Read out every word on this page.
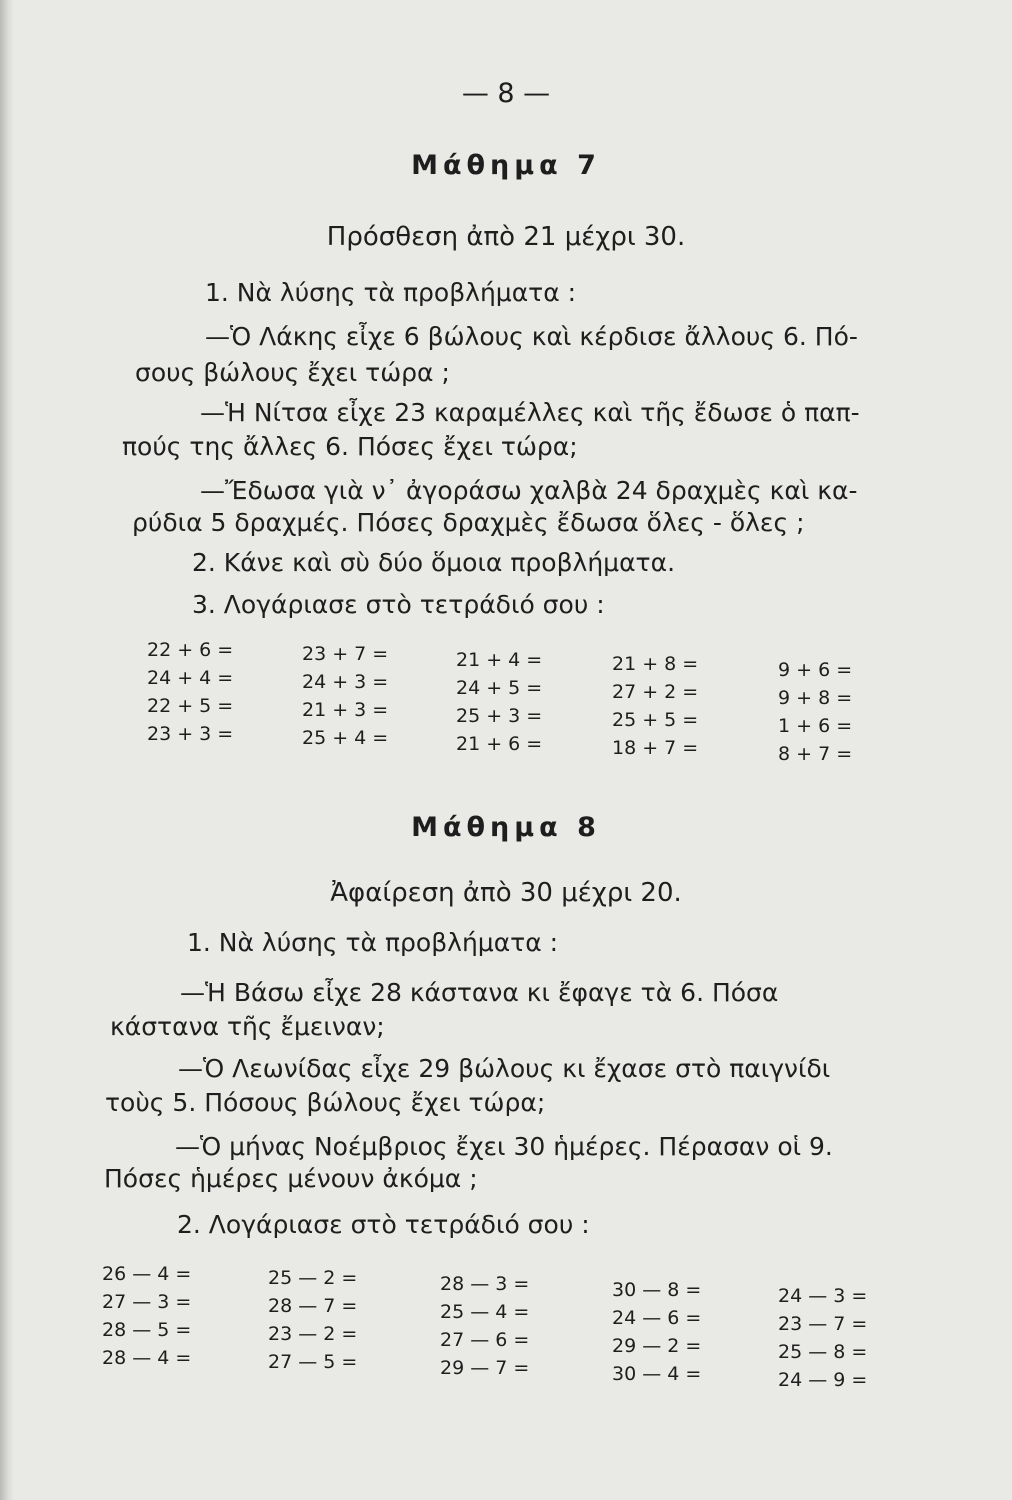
— 8 —
Μάθημα 7
Πρόσθεση ἀπὸ 21 μέχρι 30.
1. Νὰ λύσης τὰ προβλήματα :
—Ὁ Λάκης εἶχε 6 βώλους καὶ κέρδισε ἄλλους 6. Πό-
σους βώλους ἔχει τώρα ;
—Ἡ Νίτσα εἶχε 23 καραμέλλες καὶ τῆς ἔδωσε ὁ παπ-
πούς της ἄλλες 6. Πόσες ἔχει τώρα;
—Ἔδωσα γιὰ ν᾽ ἀγοράσω χαλβὰ 24 δραχμὲς καὶ κα-
ρύδια 5 δραχμές. Πόσες δραχμὲς ἔδωσα ὅλες - ὅλες ;
2. Κάνε καὶ σὺ δύο ὅμοια προβλήματα.
3. Λογάριασε στὸ τετράδιό σου :
22 + 6 =
24 + 4 =
22 + 5 =
23 + 3 =
23 + 7 =
24 + 3 =
21 + 3 =
25 + 4 =
21 + 4 =
24 + 5 =
25 + 3 =
21 + 6 =
21 + 8 =
27 + 2 =
25 + 5 =
18 + 7 =
9 + 6 =
9 + 8 =
1 + 6 =
8 + 7 =
Μάθημα 8
Ἀφαίρεση ἀπὸ 30 μέχρι 20.
1. Νὰ λύσης τὰ προβλήματα :
—Ἡ Βάσω εἶχε 28 κάστανα κι ἔφαγε τὰ 6. Πόσα
κάστανα τῆς ἔμειναν;
—Ὁ Λεωνίδας εἶχε 29 βώλους κι ἔχασε στὸ παιγνίδι
τοὺς 5. Πόσους βώλους ἔχει τώρα;
—Ὁ μήνας Νοέμβριος ἔχει 30 ἡμέρες. Πέρασαν οἱ 9.
Πόσες ἡμέρες μένουν ἀκόμα ;
2. Λογάριασε στὸ τετράδιό σου :
26 — 4 =
27 — 3 =
28 — 5 =
28 — 4 =
25 — 2 =
28 — 7 =
23 — 2 =
27 — 5 =
28 — 3 =
25 — 4 =
27 — 6 =
29 — 7 =
30 — 8 =
24 — 6 =
29 — 2 =
30 — 4 =
24 — 3 =
23 — 7 =
25 — 8 =
24 — 9 =
